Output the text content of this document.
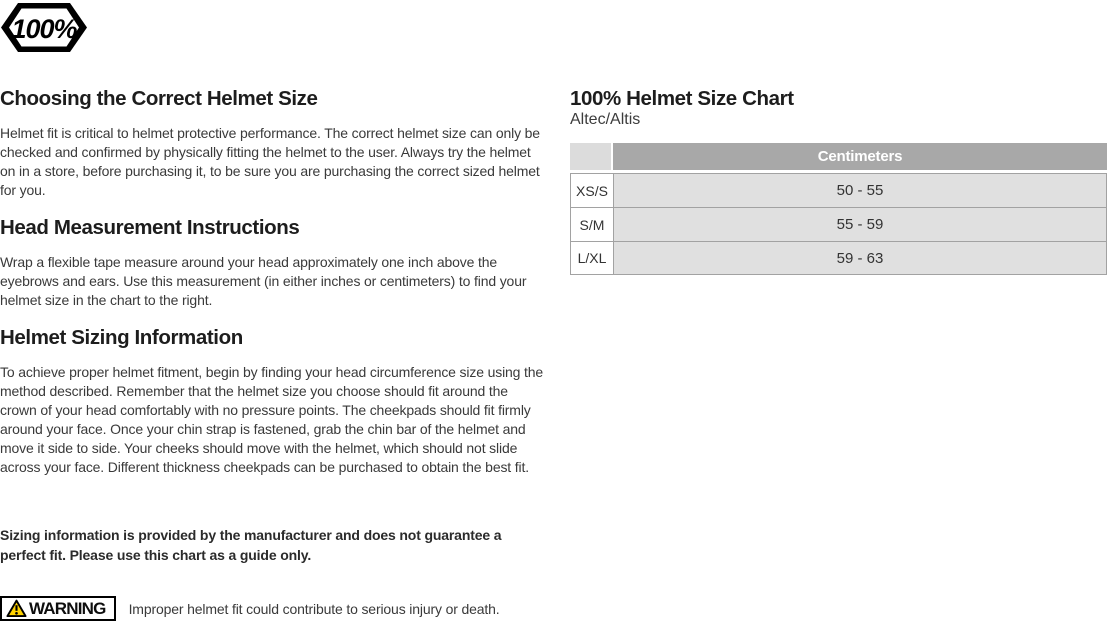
100%
Choosing the Correct Helmet Size

Helmet fit is critical to helmet protective performance. The correct helmet size can only be checked and confirmed by physically fitting the helmet to the user. Always try the helmet on in a store, before purchasing it, to be sure you are purchasing the correct sized helmet for you.

Head Measurement Instructions

Wrap a flexible tape measure around your head approximately one inch above the eyebrows and ears. Use this measurement (in either inches or centimeters) to find your helmet size in the chart to the right.

Helmet Sizing Information

To achieve proper helmet fitment, begin by finding your head circumference size using the method described. Remember that the helmet size you choose should fit around the crown of your head comfortably with no pressure points. The cheekpads should fit firmly around your face. Once your chin strap is fastened, grab the chin bar of the helmet and move it side to side. Your cheeks should move with the helmet, which should not slide across your face. Different thickness cheekpads can be purchased to obtain the best fit.

Sizing information is provided by the manufacturer and does not guarantee a perfect fit. Please use this chart as a guide only.

WARNING Improper helmet fit could contribute to serious injury or death.
100% Helmet Size Chart

Altec/Altis

	Centimeters
XS/S	50 - 55
S/M	55 - 59
L/XL	59 - 63
